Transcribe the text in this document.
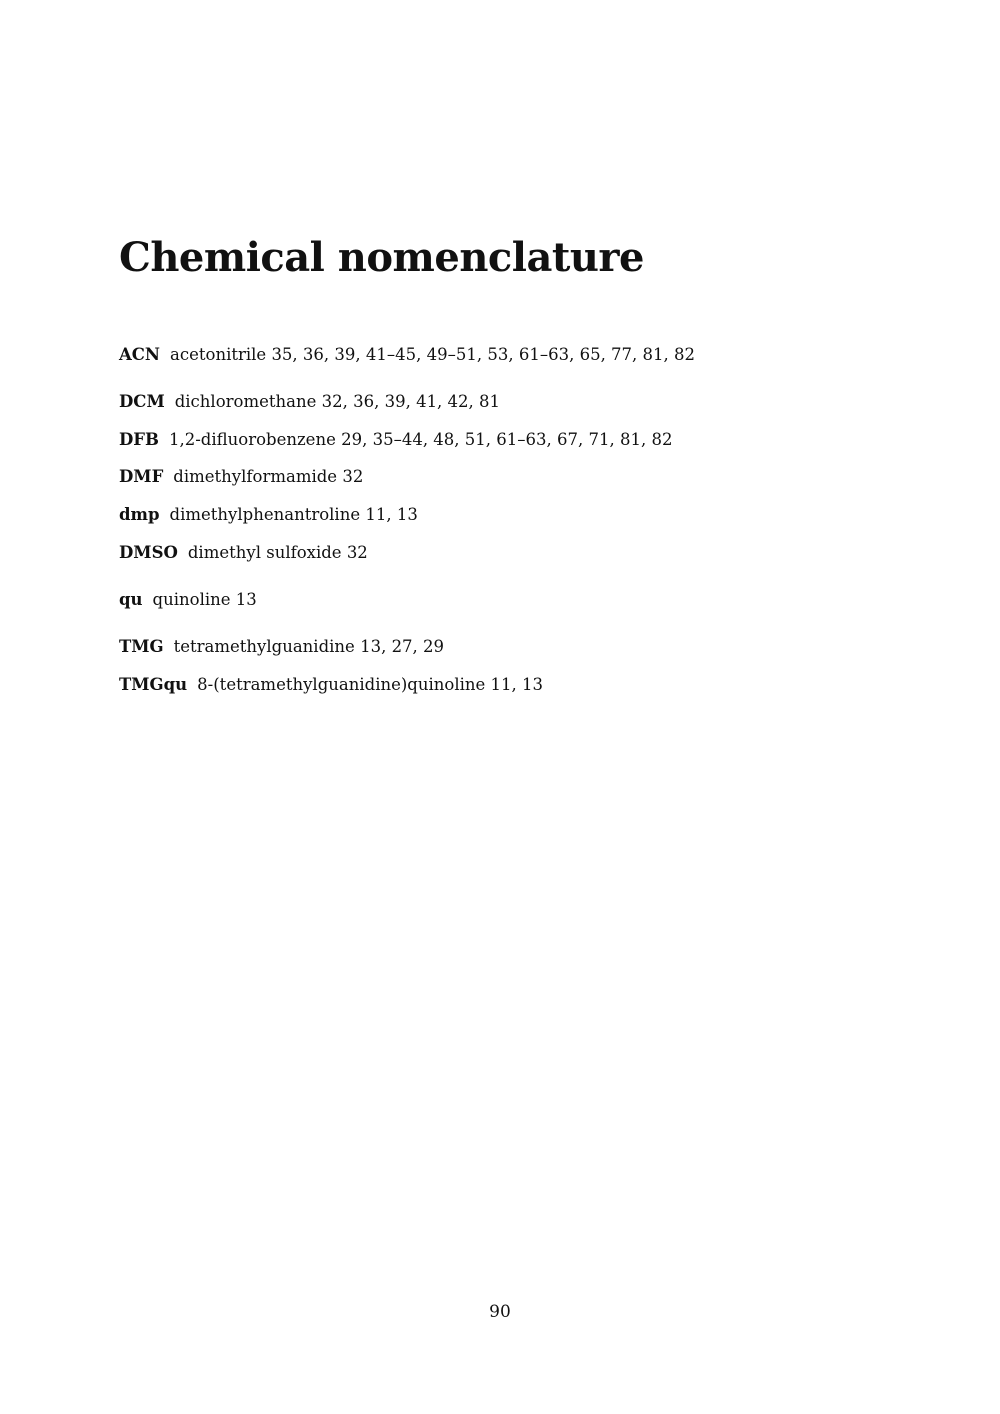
Chemical nomenclature
ACN acetonitrile 35, 36, 39, 41–45, 49–51, 53, 61–63, 65, 77, 81, 82
DCM dichloromethane 32, 36, 39, 41, 42, 81
DFB 1,2-difluorobenzene 29, 35–44, 48, 51, 61–63, 67, 71, 81, 82
DMF dimethylformamide 32
dmp dimethylphenantroline 11, 13
DMSO dimethyl sulfoxide 32
qu quinoline 13
TMG tetramethylguanidine 13, 27, 29
TMGqu 8-(tetramethylguanidine)quinoline 11, 13
90
